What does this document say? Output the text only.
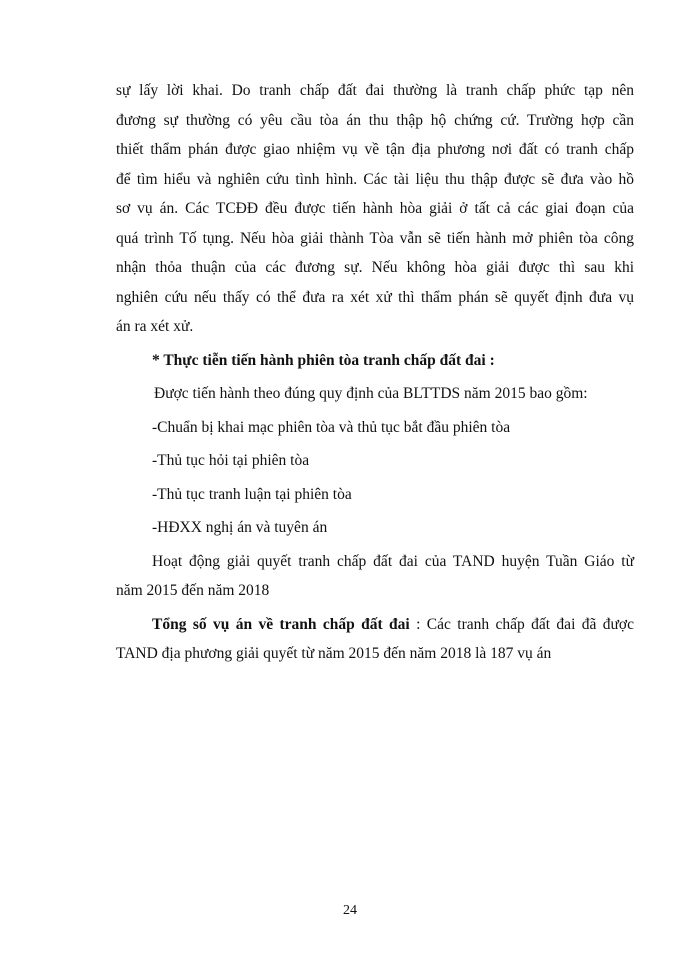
sự lấy lời khai. Do tranh chấp đất đai thường là tranh chấp phức tạp nên
đương sự thường có yêu cầu tòa án thu thập hộ chứng cứ. Trường hợp cần
thiết thẩm phán được giao nhiệm vụ về tận địa phương nơi đất có tranh chấp
để tìm hiểu và nghiên cứu tình hình. Các tài liệu thu thập được sẽ đưa vào hồ
sơ vụ án. Các TCĐĐ đều được tiến hành hòa giải ở tất cả các giai đoạn của
quá trình Tố tụng. Nếu hòa giải thành Tòa vẫn sẽ tiến hành mở phiên tòa công
nhận thỏa thuận của các đương sự. Nếu không hòa giải được thì sau khi
nghiên cứu nếu thấy có thể đưa ra xét xử thì thẩm phán sẽ quyết định đưa vụ
án ra xét xử.
* Thực tiễn tiến hành phiên tòa tranh chấp đất đai :
Được tiến hành theo đúng quy định của BLTTDS năm 2015 bao gồm:
-Chuẩn bị khai mạc phiên tòa và thủ tục bắt đầu phiên tòa
-Thủ tục hỏi tại phiên tòa
-Thủ tục tranh luận tại phiên tòa
-HĐXX nghị án và tuyên án
Hoạt động giải quyết tranh chấp đất đai của TAND huyện Tuần Giáo từ
năm 2015 đến năm 2018
Tổng số vụ án về tranh chấp đất đai : Các tranh chấp đất đai đã được
TAND địa phương giải quyết từ năm 2015 đến năm 2018 là 187 vụ án
24
